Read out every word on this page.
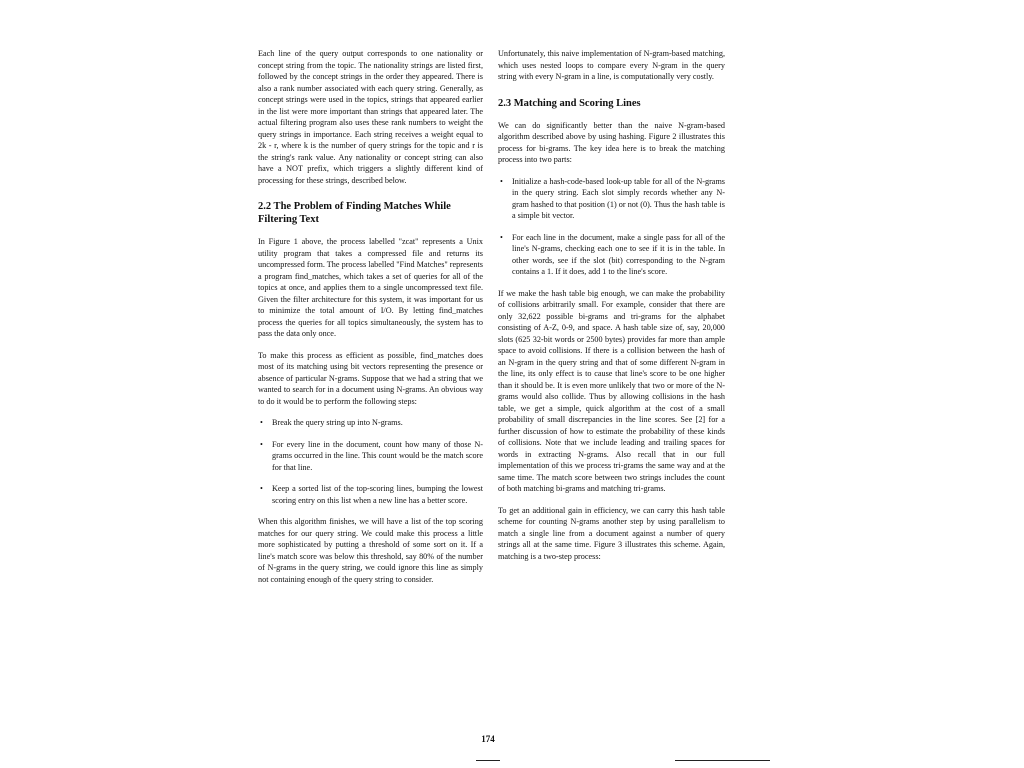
Each line of the query output corresponds to one nationality or concept string from the topic. The nationality strings are listed first, followed by the concept strings in the order they appeared. There is also a rank number associated with each query string. Generally, as concept strings were used in the topics, strings that appeared earlier in the list were more important than strings that appeared later. The actual filtering program also uses these rank numbers to weight the query strings in importance. Each string receives a weight equal to 2k - r, where k is the number of query strings for the topic and r is the string's rank value. Any nationality or concept string can also have a NOT prefix, which triggers a slightly different kind of processing for these strings, described below.

2.2 The Problem of Finding Matches While Filtering Text

In Figure 1 above, the process labelled "zcat" represents a Unix utility program that takes a compressed file and returns its uncompressed form. The process labelled "Find Matches" represents a program find_matches, which takes a set of queries for all of the topics at once, and applies them to a single uncompressed text file. Given the filter architecture for this system, it was important for us to minimize the total amount of I/O. By letting find_matches process the queries for all topics simultaneously, the system has to pass the data only once.

To make this process as efficient as possible, find_matches does most of its matching using bit vectors representing the presence or absence of particular N-grams. Suppose that we had a string that we wanted to search for in a document using N-grams. An obvious way to do it would be to perform the following steps:

• Break the query string up into N-grams.
• For every line in the document, count how many of those N-grams occurred in the line. This count would be the match score for that line.
• Keep a sorted list of the top-scoring lines, bumping the lowest scoring entry on this list when a new line has a better score.

When this algorithm finishes, we will have a list of the top scoring matches for our query string. We could make this process a little more sophisticated by putting a threshold of some sort on it. If a line's match score was below this threshold, say 80% of the number of N-grams in the query string, we could ignore this line as simply not containing enough of the query string to consider.

Unfortunately, this naive implementation of N-gram-based matching, which uses nested loops to compare every N-gram in the query string with every N-gram in a line, is computationally very costly.

2.3 Matching and Scoring Lines

We can do significantly better than the naive N-gram-based algorithm described above by using hashing. Figure 2 illustrates this process for bi-grams. The key idea here is to break the matching process into two parts:

• Initialize a hash-code-based look-up table for all of the N-grams in the query string. Each slot simply records whether any N-gram hashed to that position (1) or not (0). Thus the hash table is a simple bit vector.
• For each line in the document, make a single pass for all of the line's N-grams, checking each one to see if it is in the table. In other words, see if the slot (bit) corresponding to the N-gram contains a 1. If it does, add 1 to the line's score.

If we make the hash table big enough, we can make the probability of collisions arbitrarily small. For example, consider that there are only 32,622 possible bi-grams and tri-grams for the alphabet consisting of A-Z, 0-9, and space. A hash table size of, say, 20,000 slots (625 32-bit words or 2500 bytes) provides far more than ample space to avoid collisions. If there is a collision between the hash of an N-gram in the query string and that of some different N-gram in the line, its only effect is to cause that line's score to be one higher than it should be. It is even more unlikely that two or more of the N-grams would also collide. Thus by allowing collisions in the hash table, we get a simple, quick algorithm at the cost of a small probability of small discrepancies in the line scores. See [2] for a further discussion of how to estimate the probability of these kinds of collisions. Note that we include leading and trailing spaces for words in extracting N-grams. Also recall that in our full implementation of this we process tri-grams the same way and at the same time. The match score between two strings includes the count of both matching bi-grams and matching tri-grams.

To get an additional gain in efficiency, we can carry this hash table scheme for counting N-grams another step by using parallelism to match a single line from a document against a number of query strings all at the same time. Figure 3 illustrates this scheme. Again, matching is a two-step process:

174
